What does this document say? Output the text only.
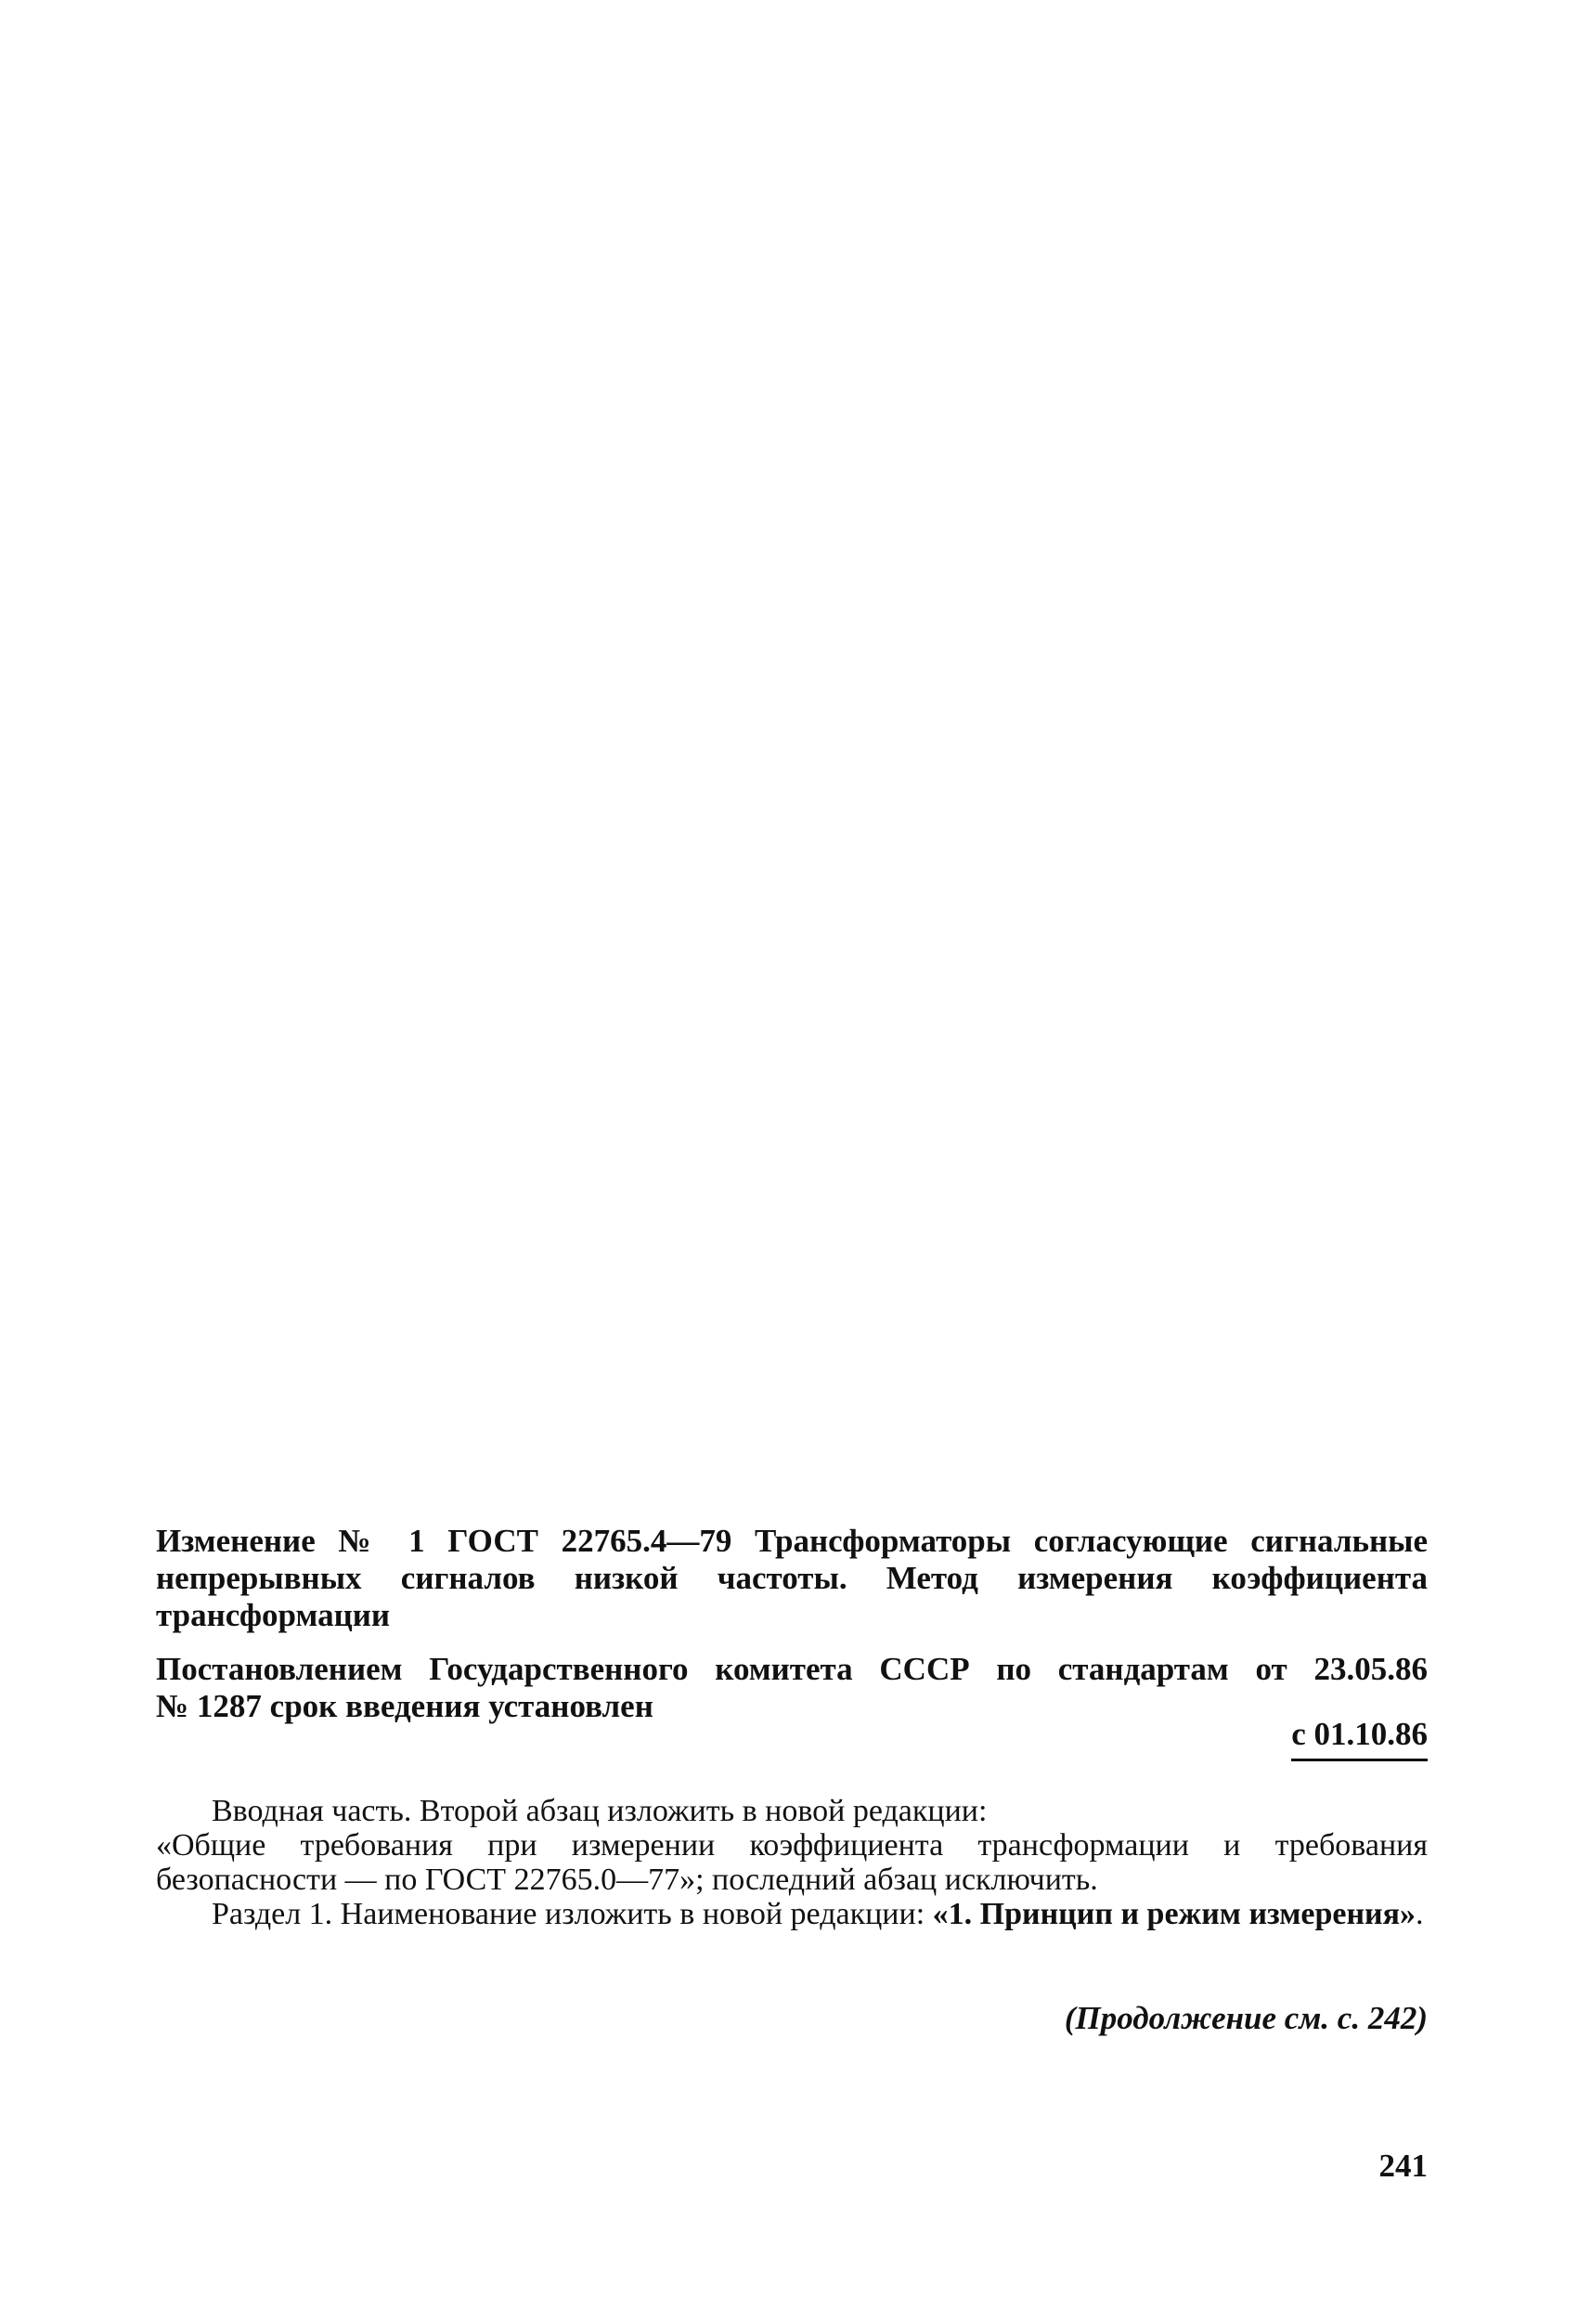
Изменение № 1 ГОСТ 22765.4—79 Трансформаторы согласующие сигнальные непрерывных сигналов низкой частоты. Метод измерения коэффициента трансформации

Постановлением Государственного комитета СССР по стандартам от 23.05.86
№ 1287 срок введения установлен
с 01.10.86

Вводная часть. Второй абзац изложить в новой редакции:

«Общие требования при измерении коэффициента трансформации и требования безопасности — по ГОСТ 22765.0—77»; последний абзац исключить.

Раздел 1. Наименование изложить в новой редакции: «1. Принцип и режим измерения».

(Продолжение см. с. 242)
241
